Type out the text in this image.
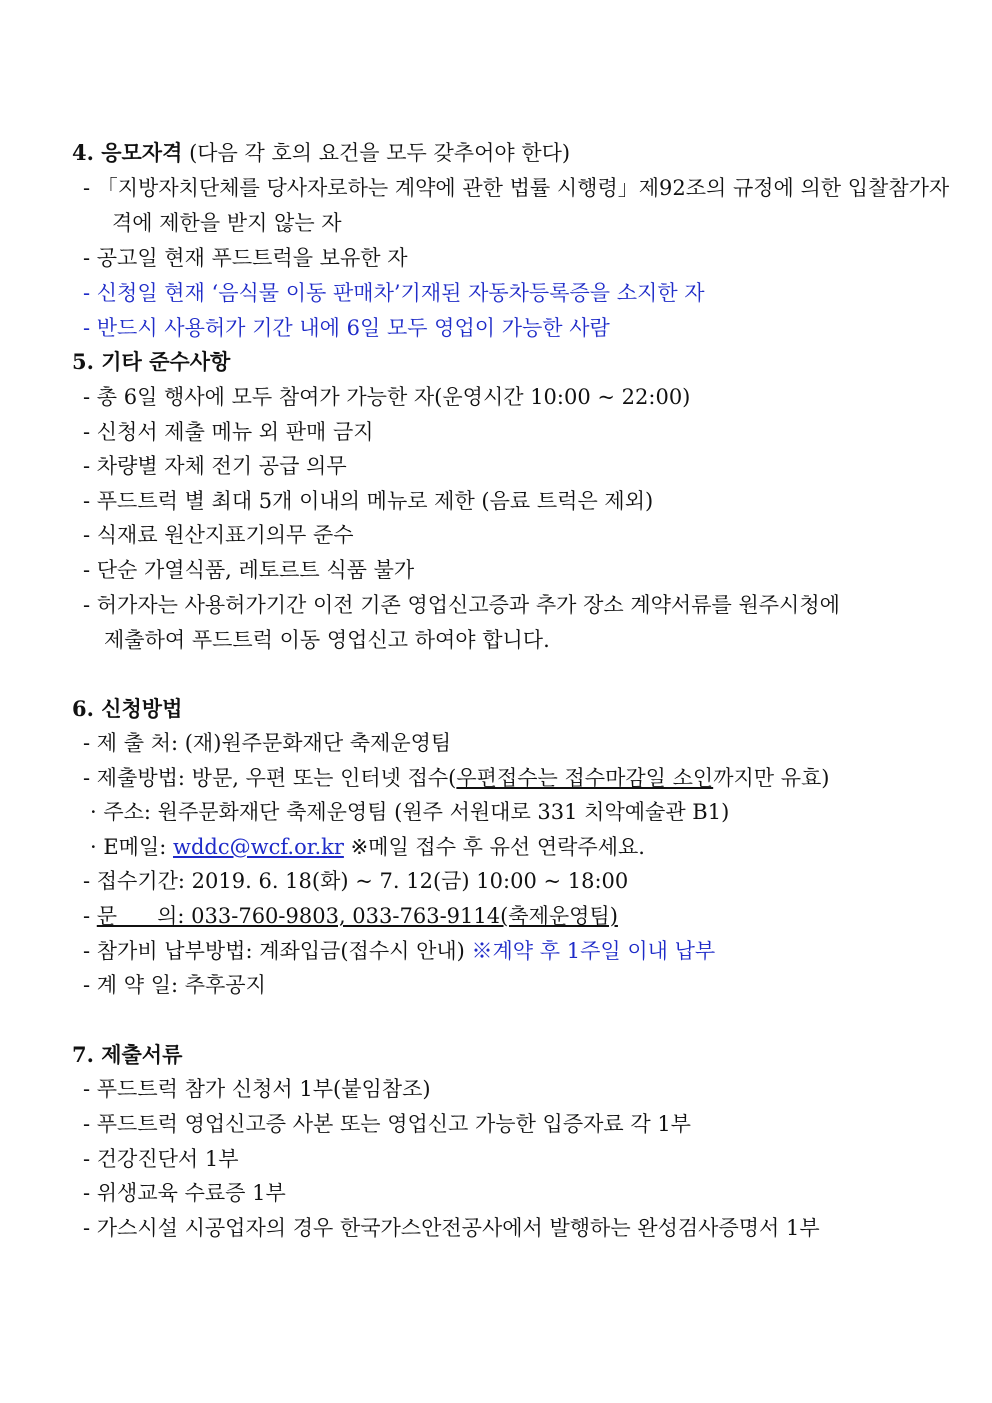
4. 응모자격 (다음 각 호의 요건을 모두 갖추어야 한다)
- 「지방자치단체를 당사자로하는 계약에 관한 법률 시행령」제92조의 규정에 의한 입찰참가자
격에 제한을 받지 않는 자
- 공고일 현재 푸드트럭을 보유한 자
- 신청일 현재 ‘음식물 이동 판매차’기재된 자동차등록증을 소지한 자
- 반드시 사용허가 기간 내에 6일 모두 영업이 가능한 사람
5. 기타 준수사항
- 총 6일 행사에 모두 참여가 가능한 자(운영시간 10:00 ~ 22:00)
- 신청서 제출 메뉴 외 판매 금지
- 차량별 자체 전기 공급 의무
- 푸드트럭 별 최대 5개 이내의 메뉴로 제한 (음료 트럭은 제외)
- 식재료 원산지표기의무 준수
- 단순 가열식품, 레토르트 식품 불가
- 허가자는 사용허가기간 이전 기존 영업신고증과 추가 장소 계약서류를 원주시청에
제출하여 푸드트럭 이동 영업신고 하여야 합니다.
6. 신청방법
- 제 출 처: (재)원주문화재단 축제운영팀
- 제출방법: 방문, 우편 또는 인터넷 접수(우편접수는 접수마감일 소인까지만 유효)
· 주소: 원주문화재단 축제운영팀 (원주 서원대로 331 치악예술관 B1)
· E메일: wddc@wcf.or.kr ※메일 접수 후 유선 연락주세요.
- 접수기간: 2019. 6. 18(화) ~ 7. 12(금) 10:00 ~ 18:00
- 문      의: 033-760-9803, 033-763-9114(축제운영팀)
- 참가비 납부방법: 계좌입금(접수시 안내) ※계약 후 1주일 이내 납부
- 계 약 일: 추후공지
7. 제출서류
- 푸드트럭 참가 신청서 1부(붙임참조)
- 푸드트럭 영업신고증 사본 또는 영업신고 가능한 입증자료 각 1부
- 건강진단서 1부
- 위생교육 수료증 1부
- 가스시설 시공업자의 경우 한국가스안전공사에서 발행하는 완성검사증명서 1부
